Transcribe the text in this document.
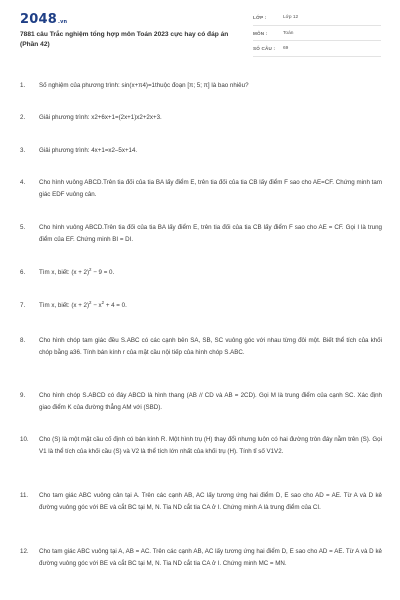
2048.vn
7881 câu Trắc nghiệm tổng hợp môn Toán 2023 cực hay có đáp án (Phần 42)
LỚP :	Lớp 12
MÔN :	Toán
SỐ CÂU : 69
1. Số nghiệm của phương trình: sin(x+π4)=1thuộc đoạn [π; 5; π] là bao nhiêu?
2. Giải phương trình: x2+6x+1=(2x+1)x2+2x+3.
3. Giải phương trình: 4x+1=x2–5x+14.
4. Cho hình vuông ABCD.Trên tia đối của tia BA lấy điểm E, trên tia đối của tia CB lấy điểm F sao cho AE=CF. Chứng minh tam giác EDF vuông cân.
5. Cho hình vuông ABCD.Trên tia đối của tia BA lấy điểm E, trên tia đối của tia CB lấy điểm F sao cho AE = CF. Gọi I là trung điểm của EF. Chứng minh BI = DI.
6. Tìm x, biết: $(x + 2)^2 - 9 = 0$.
7. Tìm x, biết: $(x + 2)^2 - x^2 + 4 = 0$.
8. Cho hình chóp tam giác đều S.ABC có các cạnh bên SA, SB, SC vuông góc với nhau từng đôi một. Biết thể tích của khối chóp bằng a36. Tính bán kính r của mặt cầu nội tiếp của hình chóp S.ABC.
9. Cho hình chóp S.ABCD có đáy ABCD là hình thang (AB // CD và AB = 2CD). Gọi M là trung điểm của cạnh SC. Xác định giao điểm K của đường thẳng AM với (SBD).
10. Cho (S) là một mặt cầu cố định có bán kính R. Một hình trụ (H) thay đổi nhưng luôn có hai đường tròn đáy nằm trên (S). Gọi V1 là thể tích của khối cầu (S) và V2 là thể tích lớn nhất của khối trụ (H). Tính tỉ số V1V2.
11. Cho tam giác ABC vuông cân tại A. Trên các cạnh AB, AC lấy tương ứng hai điểm D, E sao cho AD = AE. Từ A và D kẻ đường vuông góc với BE và cắt BC tại M, N. Tia ND cắt tia CA ở I. Chứng minh A là trung điểm của CI.
12. Cho tam giác ABC vuông tại A, AB = AC. Trên các cạnh AB, AC lấy tương ứng hai điểm D, E sao cho AD = AE. Từ A và D kẻ đường vuông góc với BE và cắt BC tại M, N. Tia ND cắt tia CA ở I. Chứng minh MC = MN.
